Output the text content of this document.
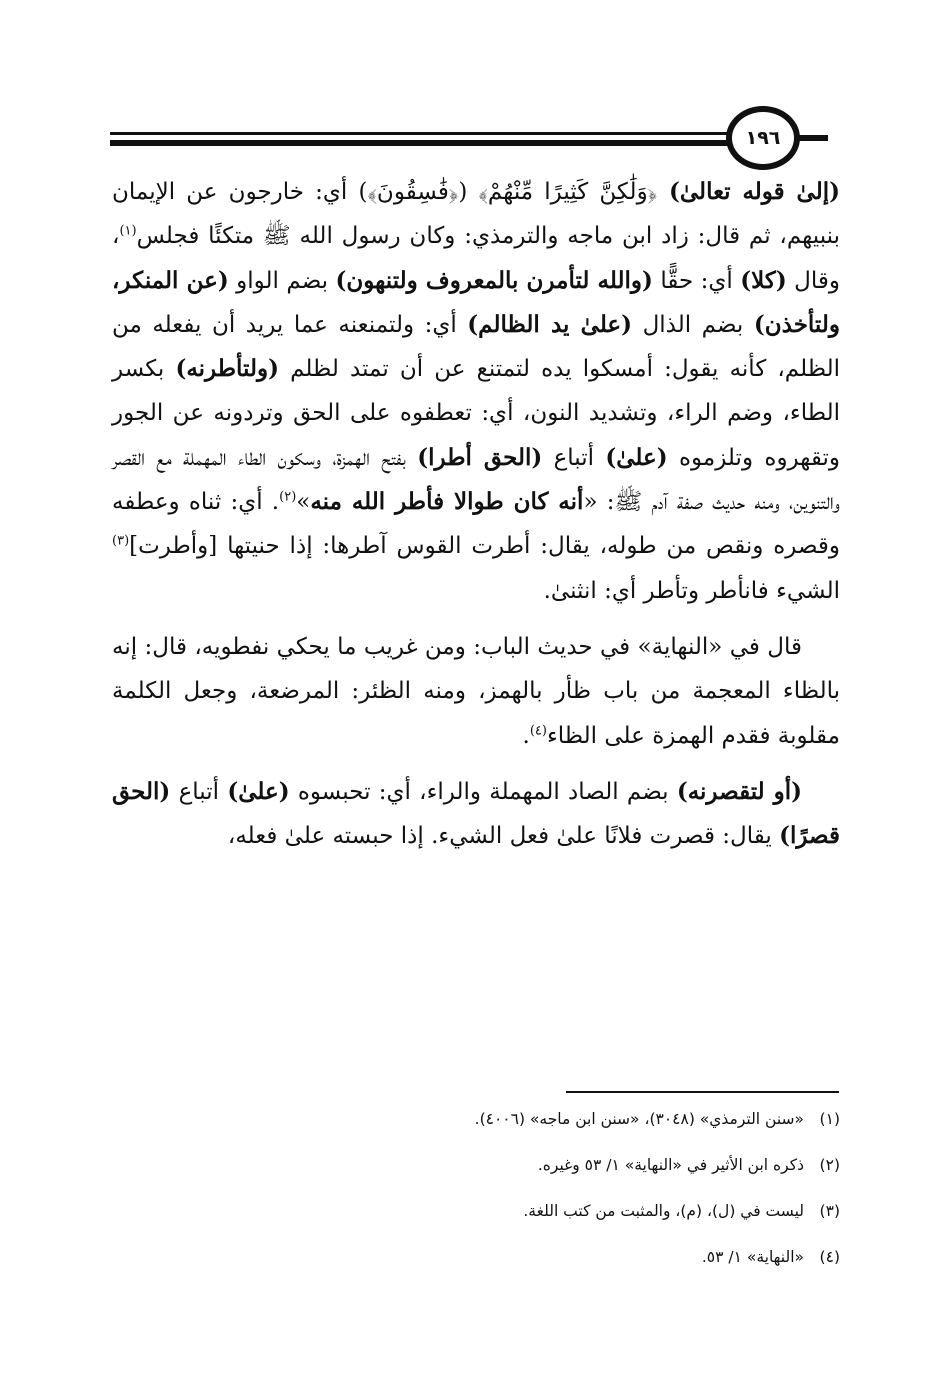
١٩٦

(إلىٰ قوله تعالىٰ) ﴿وَلَٰكِنَّ كَثِيرًا مِّنْهُمْ﴾ (﴿فَٰسِقُونَ﴾) أي: خارجون عن الإيمان بنبيهم، ثم قال: زاد ابن ماجه والترمذي: وكان رسول الله ﷺ متكئًا فجلس$^{(١)}$، وقال (كلا) أي: حقًّا (والله لتأمرن بالمعروف ولتنهون) بضم الواو (عن المنكر، ولتأخذن) بضم الذال (علىٰ يد الظالم) أي: ولتمنعنه عما يريد أن يفعله من الظلم، كأنه يقول: أمسكوا يده لتمتنع عن أن تمتد لظلم (ولتأطرنه) بكسر الطاء، وضم الراء، وتشديد النون، أي: تعطفوه على الحق وتردونه عن الجور وتقهروه وتلزموه (علىٰ) أتباع (الحق أطرا) بفتح الهمزة، وسكون الطاء المهملة مع القصر والتنوين، ومنه حديث صفة آدم ﷺ: «أنه كان طوالا فأطر الله منه»$^{(٢)}$. أي: ثناه وعطفه وقصره ونقص من طوله، يقال: أطرت القوس آطرها: إذا حنيتها [وأطرت]$^{(٣)}$ الشيء فانأطر وتأطر أي: انثنىٰ.

قال في «النهاية» في حديث الباب: ومن غريب ما يحكي نفطويه، قال: إنه بالظاء المعجمة من باب ظأر بالهمز، ومنه الظئر: المرضعة، وجعل الكلمة مقلوبة فقدم الهمزة على الظاء$^{(٤)}$.

(أو لتقصرنه) بضم الصاد المهملة والراء، أي: تحبسوه (علىٰ) أتباع (الحق قصرًا) يقال: قصرت فلانًا علىٰ فعل الشيء. إذا حبسته علىٰ فعله،

(١)
«سنن الترمذي» (٣٠٤٨)، «سنن ابن ماجه» (٤٠٠٦).
(٢)
ذكره ابن الأثير في «النهاية» ١/ ٥٣ وغيره.
(٣)
ليست في (ل)، (م)، والمثبت من كتب اللغة.
(٤)
«النهاية» ١/ ٥٣.
